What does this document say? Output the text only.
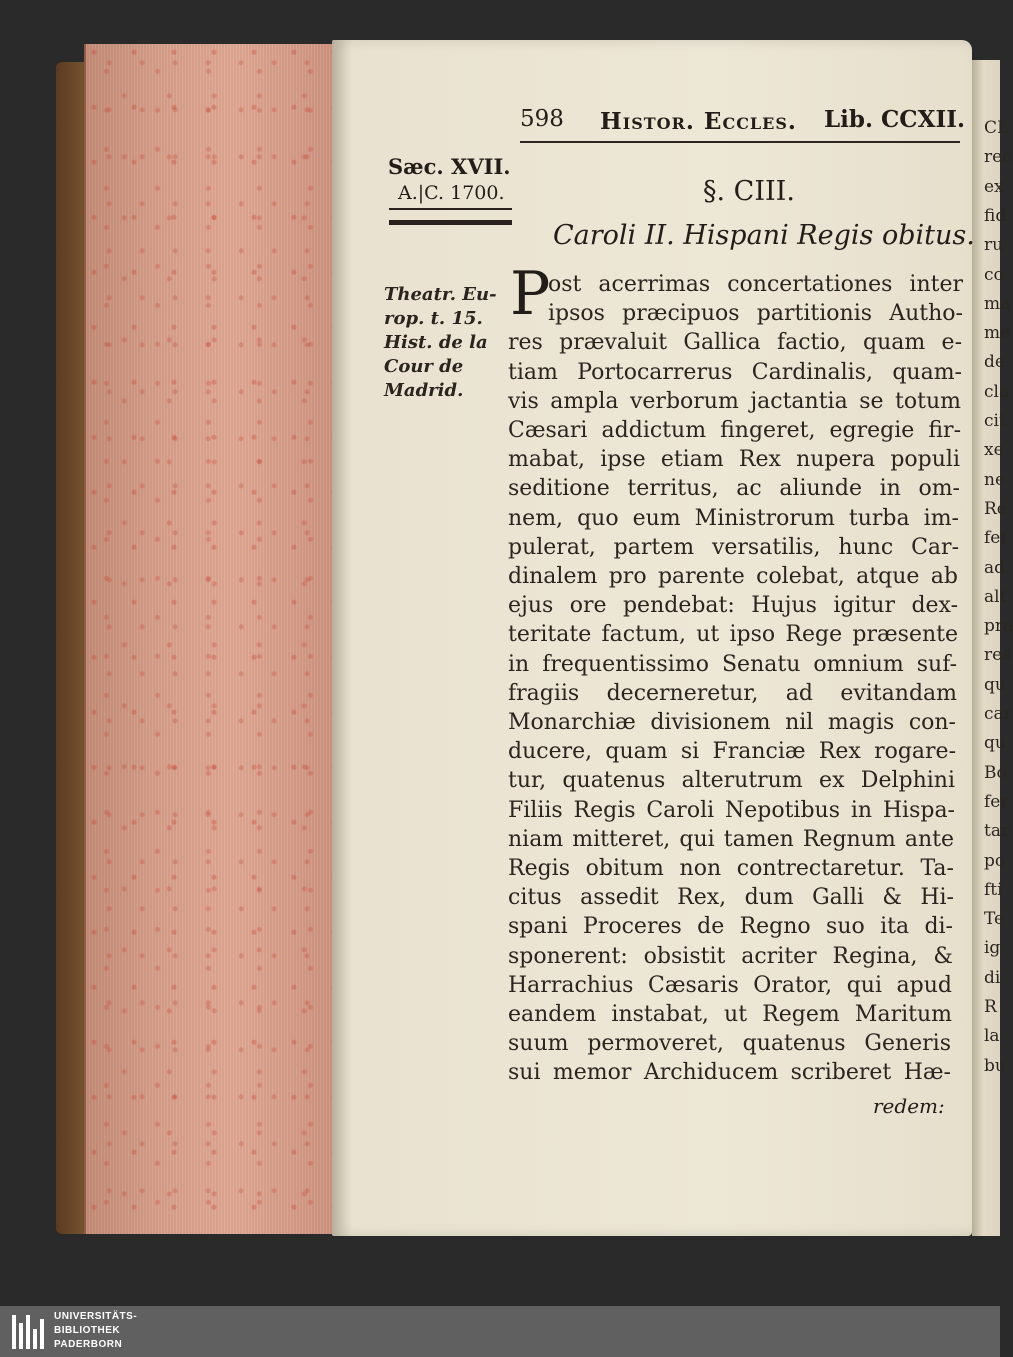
CL
rec
ex
fid
ru
co
ma
me
de
cla
cit
xe
ne
Re
fef
ad
alt
pra
res
qu
car
qu
Bo
fer
tar
po
fti
Te
ig
di
R
la
bu
598 Histor. Eccles. Lib. CCXII.
Sæc. XVII.
A.|C. 1700.
Theatr. Eu-
rop. t. 15.
Hist. de la
Cour de
Madrid.
§. CIII.
Caroli II. Hispani Regis obitus.
P
ost acerrimas concertationes inter
ipsos præcipuos partitionis Autho-
res prævaluit Gallica factio, quam e-
tiam Portocarrerus Cardinalis, quam-
vis ampla verborum jactantia se totum
Cæsari addictum fingeret, egregie fir-
mabat, ipse etiam Rex nupera populi
seditione territus, ac aliunde in om-
nem, quo eum Ministrorum turba im-
pulerat, partem versatilis, hunc Car-
dinalem pro parente colebat, atque ab
ejus ore pendebat: Hujus igitur dex-
teritate factum, ut ipso Rege præsente
in frequentissimo Senatu omnium suf-
fragiis decerneretur, ad evitandam
Monarchiæ divisionem nil magis con-
ducere, quam si Franciæ Rex rogare-
tur, quatenus alterutrum ex Delphini
Filiis Regis Caroli Nepotibus in Hispa-
niam mitteret, qui tamen Regnum ante
Regis obitum non contrectaretur. Ta-
citus assedit Rex, dum Galli & Hi-
spani Proceres de Regno suo ita di-
sponerent: obsistit acriter Regina, &
Harrachius Cæsaris Orator, qui apud
eandem instabat, ut Regem Maritum
suum permoveret, quatenus Generis
sui memor Archiducem scriberet Hæ-
redem:
UNIVERSITÄTS-
BIBLIOTHEK
PADERBORN
